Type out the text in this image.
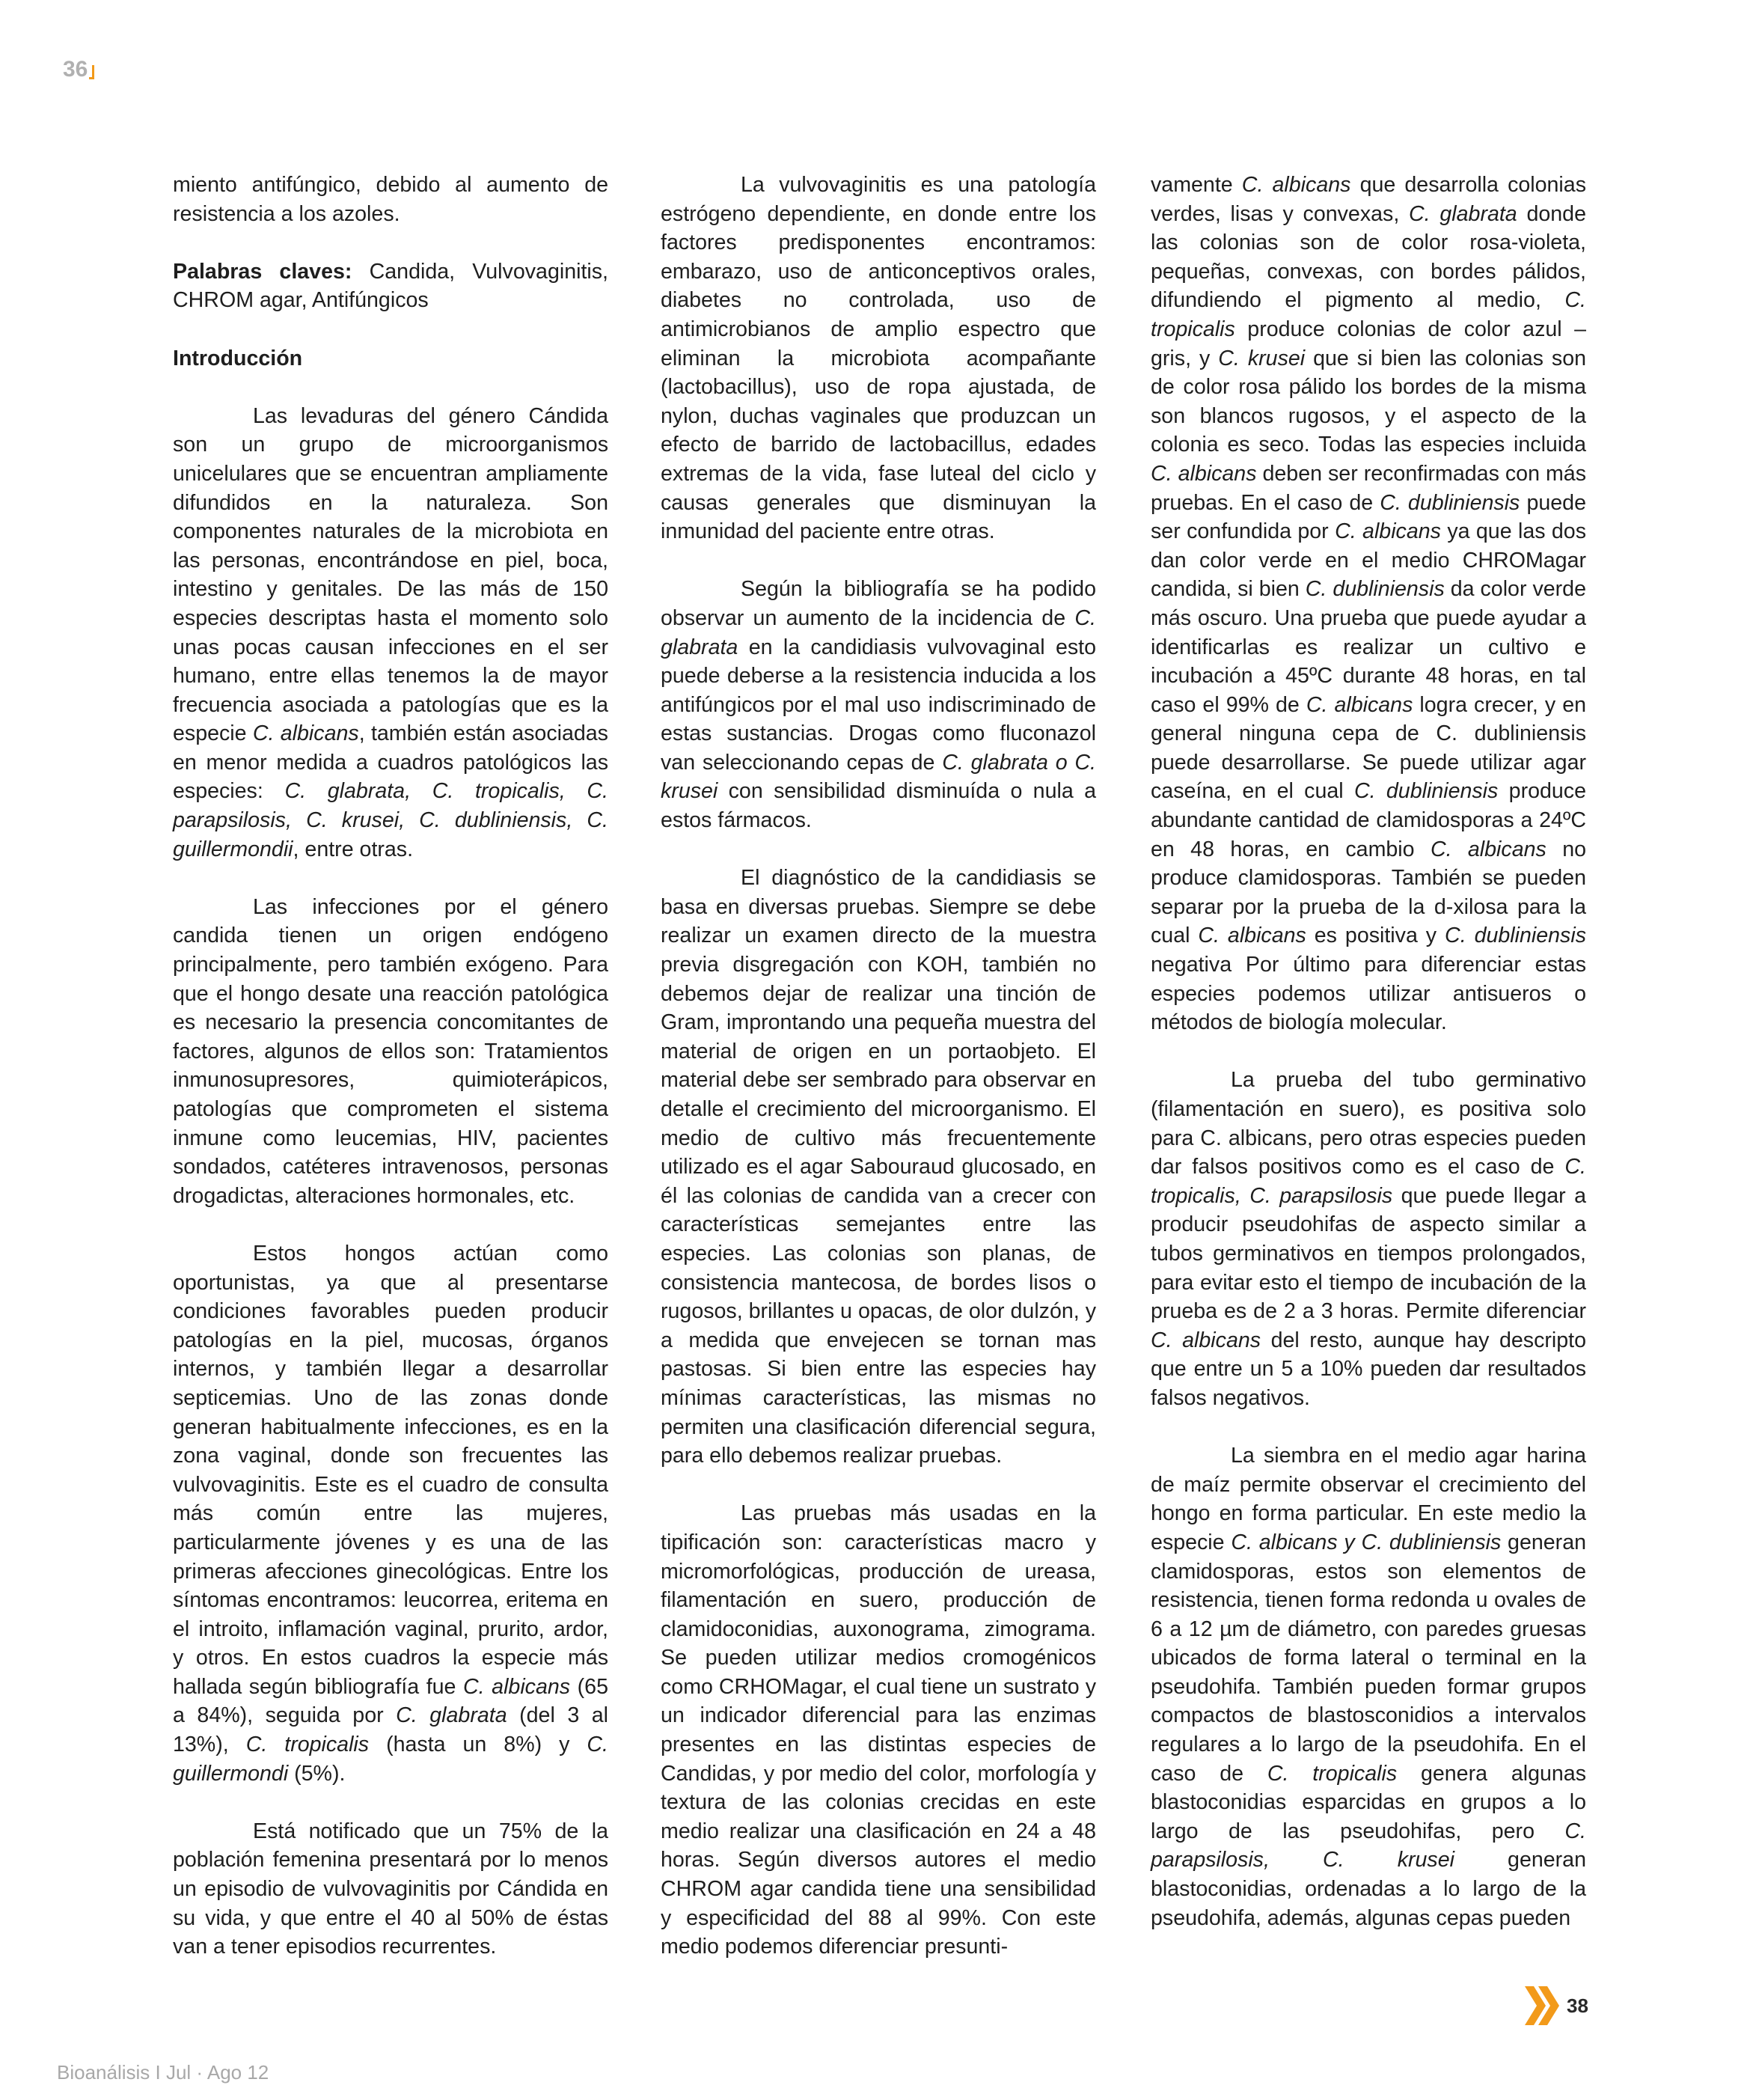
36

miento antifúngico, debido al aumento de resistencia a los azoles.

Palabras claves: Candida, Vulvovaginitis, CHROM agar, Antifúngicos

Introducción

Las levaduras del género Cándida son un grupo de microorganismos unicelulares que se encuentran ampliamente difundidos en la naturaleza. Son componentes naturales de la microbiota en las personas, encontrándose en piel, boca, intestino y genitales. De las más de 150 especies descriptas hasta el momento solo unas pocas causan infecciones en el ser humano, entre ellas tenemos la de mayor frecuencia asociada a patologías que es la especie C. albicans, también están asociadas en menor medida a cuadros patológicos las especies: C. glabrata, C. tropicalis, C. parapsilosis, C. krusei, C. dubliniensis, C. guillermondii, entre otras.

Las infecciones por el género candida tienen un origen endógeno principalmente, pero también exógeno. Para que el hongo desate una reacción patológica es necesario la presencia concomitantes de factores, algunos de ellos son: Tratamientos inmunosupresores, quimioterápicos, patologías que comprometen el sistema inmune como leucemias, HIV, pacientes sondados, catéteres intravenosos, personas drogadictas, alteraciones hormonales, etc.

Estos hongos actúan como oportunistas, ya que al presentarse condiciones favorables pueden producir patologías en la piel, mucosas, órganos internos, y también llegar a desarrollar septicemias. Uno de las zonas donde generan habitualmente infecciones, es en la zona vaginal, donde son frecuentes las vulvovaginitis. Este es el cuadro de consulta más común entre las mujeres, particularmente jóvenes y es una de las primeras afecciones ginecológicas. Entre los síntomas encontramos: leucorrea, eritema en el introito, inflamación vaginal, prurito, ardor, y otros. En estos cuadros la especie más hallada según bibliografía fue C. albicans (65 a 84%), seguida por C. glabrata (del 3 al 13%), C. tropicalis (hasta un 8%) y C. guillermondi (5%).

Está notificado que un 75% de la población femenina presentará por lo menos un episodio de vulvovaginitis por Cándida en su vida, y que entre el 40 al 50% de éstas van a tener episodios recurrentes.

La vulvovaginitis es una patología estrógeno dependiente, en donde entre los factores predisponentes encontramos: embarazo, uso de anticonceptivos orales, diabetes no controlada, uso de antimicrobianos de amplio espectro que eliminan la microbiota acompañante (lactobacillus), uso de ropa ajustada, de nylon, duchas vaginales que produzcan un efecto de barrido de lactobacillus, edades extremas de la vida, fase luteal del ciclo y causas generales que disminuyan la inmunidad del paciente entre otras.

Según la bibliografía se ha podido observar un aumento de la incidencia de C. glabrata en la candidiasis vulvovaginal esto puede deberse a la resistencia inducida a los antifúngicos por el mal uso indiscriminado de estas sustancias. Drogas como fluconazol van seleccionando cepas de C. glabrata o C. krusei con sensibilidad disminuída o nula a estos fármacos.

El diagnóstico de la candidiasis se basa en diversas pruebas. Siempre se debe realizar un examen directo de la muestra previa disgregación con KOH, también no debemos dejar de realizar una tinción de Gram, improntando una pequeña muestra del material de origen en un portaobjeto. El material debe ser sembrado para observar en detalle el crecimiento del microorganismo. El medio de cultivo más frecuentemente utilizado es el agar Sabouraud glucosado, en él las colonias de candida van a crecer con características semejantes entre las especies. Las colonias son planas, de consistencia mantecosa, de bordes lisos o rugosos, brillantes u opacas, de olor dulzón, y a medida que envejecen se tornan mas pastosas. Si bien entre las especies hay mínimas características, las mismas no permiten una clasificación diferencial segura, para ello debemos realizar pruebas.

Las pruebas más usadas en la tipificación son: características macro y micromorfológicas, producción de ureasa, filamentación en suero, producción de clamidoconidias, auxonograma, zimograma. Se pueden utilizar medios cromogénicos como CRHOMagar, el cual tiene un sustrato y un indicador diferencial para las enzimas presentes en las distintas especies de Candidas, y por medio del color, morfología y textura de las colonias crecidas en este medio realizar una clasificación en 24 a 48 horas. Según diversos autores el medio CHROM agar candida tiene una sensibilidad y especificidad del 88 al 99%. Con este medio podemos diferenciar presunti-

vamente C. albicans que desarrolla colonias verdes, lisas y convexas, C. glabrata donde las colonias son de color rosa-violeta, pequeñas, convexas, con bordes pálidos, difundiendo el pigmento al medio, C. tropicalis produce colonias de color azul – gris, y C. krusei que si bien las colonias son de color rosa pálido los bordes de la misma son blancos rugosos, y el aspecto de la colonia es seco. Todas las especies incluida C. albicans deben ser reconfirmadas con más pruebas. En el caso de C. dubliniensis puede ser confundida por C. albicans ya que las dos dan color verde en el medio CHROMagar candida, si bien C. dubliniensis da color verde más oscuro. Una prueba que puede ayudar a identificarlas es realizar un cultivo e incubación a 45ºC durante 48 horas, en tal caso el 99% de C. albicans logra crecer, y en general ninguna cepa de C. dubliniensis puede desarrollarse. Se puede utilizar agar caseína, en el cual C. dubliniensis produce abundante cantidad de clamidosporas a 24ºC en 48 horas, en cambio C. albicans no produce clamidosporas. También se pueden separar por la prueba de la d-xilosa para la cual C. albicans es positiva y C. dubliniensis negativa Por último para diferenciar estas especies podemos utilizar antisueros o métodos de biología molecular.

La prueba del tubo germinativo (filamentación en suero), es positiva solo para C. albicans, pero otras especies pueden dar falsos positivos como es el caso de C. tropicalis, C. parapsilosis que puede llegar a producir pseudohifas de aspecto similar a tubos germinativos en tiempos prolongados, para evitar esto el tiempo de incubación de la prueba es de 2 a 3 horas. Permite diferenciar C. albicans del resto, aunque hay descripto que entre un 5 a 10% pueden dar resultados falsos negativos.

La siembra en el medio agar harina de maíz permite observar el crecimiento del hongo en forma particular. En este medio la especie C. albicans y C. dubliniensis generan clamidosporas, estos son elementos de resistencia, tienen forma redonda u ovales de 6 a 12 µm de diámetro, con paredes gruesas ubicados de forma lateral o terminal en la pseudohifa. También pueden formar grupos compactos de blastosconidios a intervalos regulares a lo largo de la pseudohifa. En el caso de C. tropicalis genera algunas blastoconidias esparcidas en grupos a lo largo de las pseudohifas, pero C. parapsilosis, C. krusei generan blastoconidias, ordenadas a lo largo de la pseudohifa, además, algunas cepas pueden

38
Bioanálisis I Jul · Ago 12
